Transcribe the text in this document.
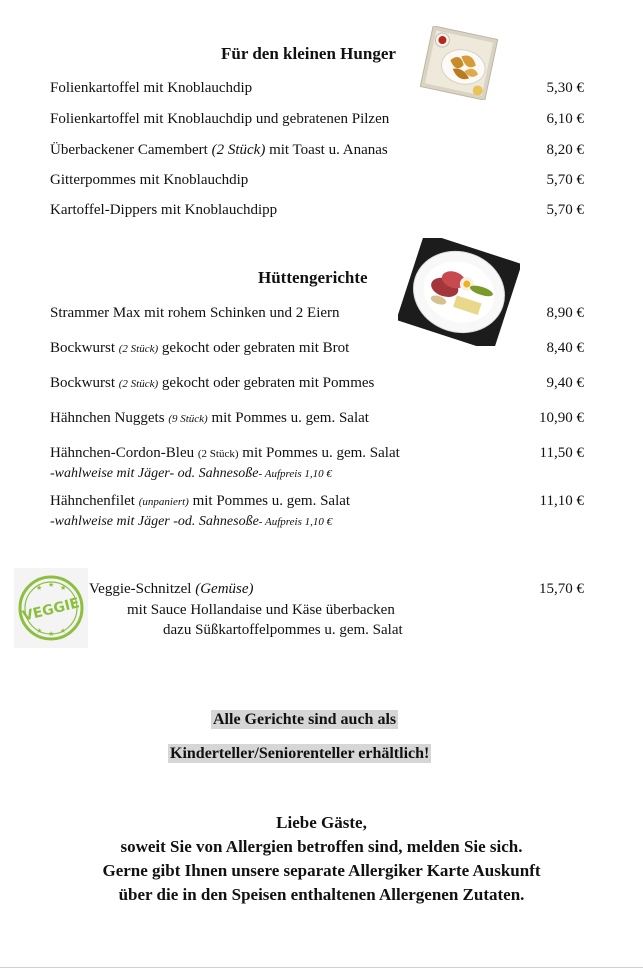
Für den kleinen Hunger
Folienkartoffel mit Knoblauchdip	5,30 €
Folienkartoffel mit Knoblauchdip und gebratenen Pilzen	6,10 €
Überbackener Camembert (2 Stück) mit Toast u. Ananas	8,20 €
Gitterpommes mit Knoblauchdip	5,70 €
Kartoffel-Dippers mit Knoblauchdipp	5,70 €
Hüttengerichte
Strammer Max mit rohem Schinken und 2 Eiern	8,90 €
Bockwurst (2 Stück) gekocht oder gebraten mit Brot	8,40 €
Bockwurst (2 Stück) gekocht oder gebraten mit Pommes	9,40 €
Hähnchen Nuggets (9 Stück) mit Pommes u. gem. Salat	10,90 €
Hähnchen-Cordon-Bleu (2 Stück) mit Pommes u. gem. Salat	11,50 €
-wahlweise mit Jäger- od. Sahnesoße- Aufpreis 1,10 €
Hähnchenfilet (unpaniert) mit Pommes u. gem. Salat	11,10 €
-wahlweise mit Jäger -od. Sahnesoße- Aufpreis 1,10 €
★ ★ ★
★ ★ ★
VEGGIE
Veggie-Schnitzel (Gemüse)	15,70 €
mit Sauce Hollandaise und Käse überbacken
dazu Süßkartoffelpommes u. gem. Salat
Alle Gerichte sind auch als
Kinderteller/Seniorenteller erhältlich!
Liebe Gäste,
soweit Sie von Allergien betroffen sind, melden Sie sich.
Gerne gibt Ihnen unsere separate Allergiker Karte Auskunft
über die in den Speisen enthaltenen Allergenen Zutaten.
